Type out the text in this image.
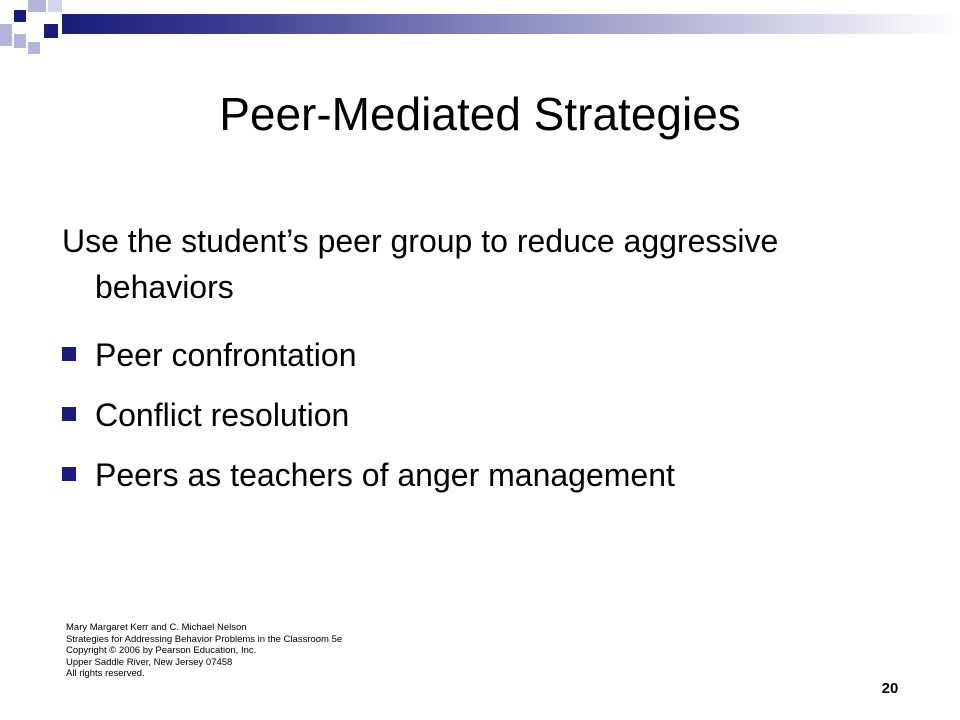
Peer-Mediated Strategies
Use the student’s peer group to reduce aggressive behaviors
Peer confrontation
Conflict resolution
Peers as teachers of anger management
Mary Margaret Kerr and C. Michael Nelson
Strategies for Addressing Behavior Problems in the Classroom 5e
Copyright © 2006 by Pearson Education, Inc.
Upper Saddle River, New Jersey 07458
All rights reserved.
20
